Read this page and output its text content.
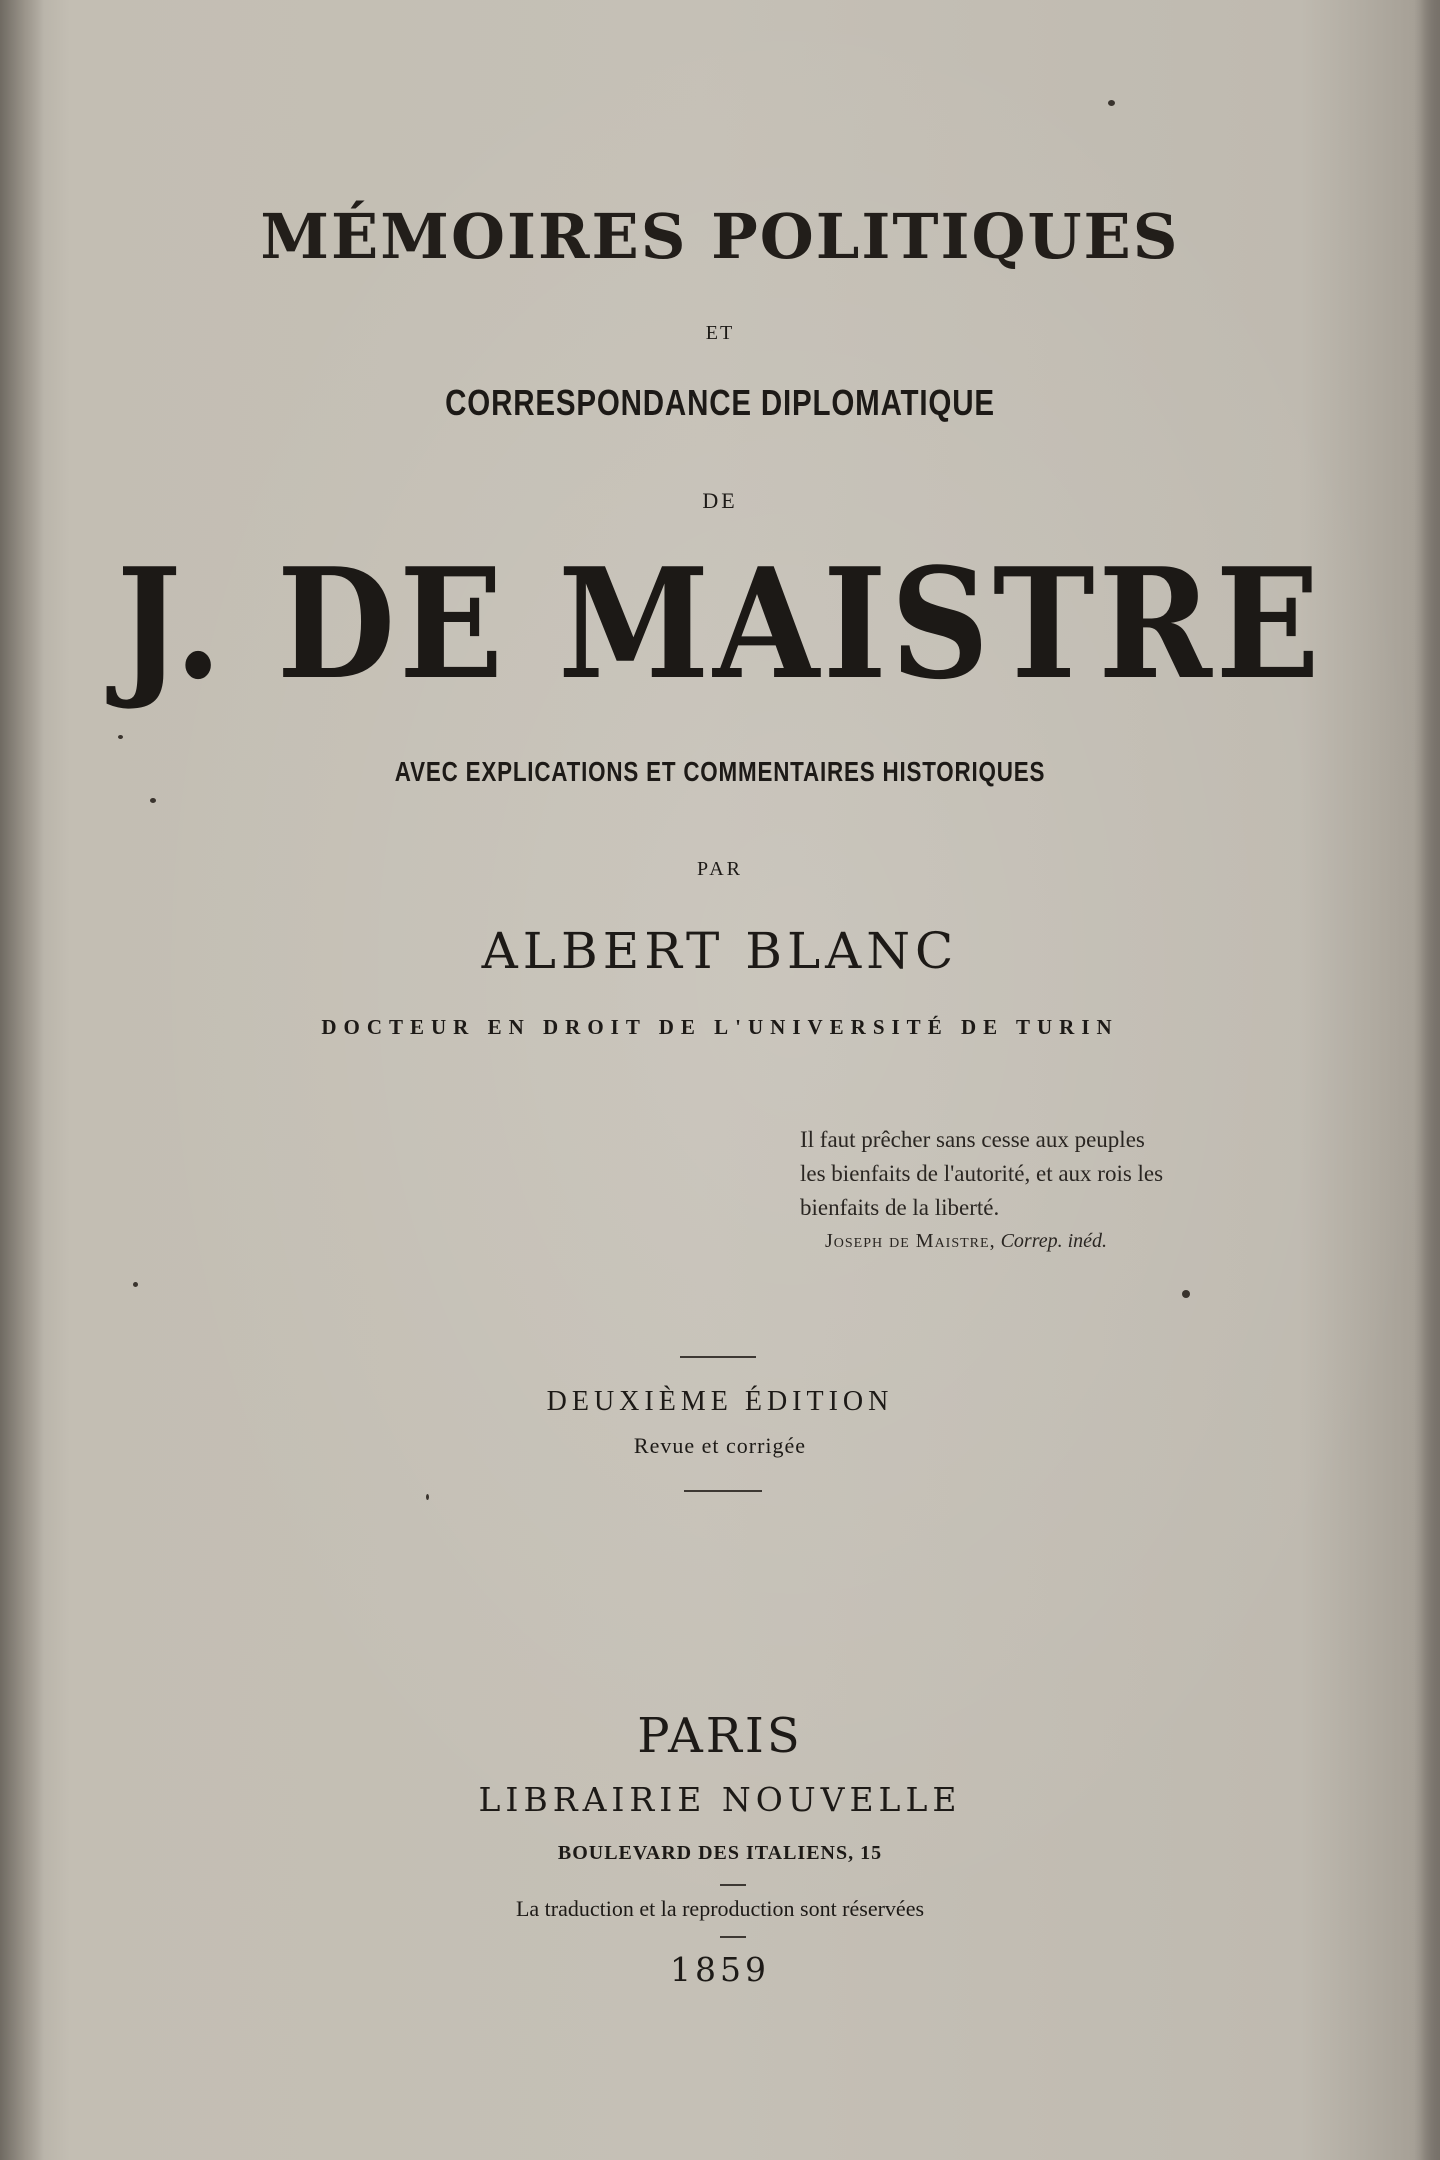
MÉMOIRES POLITIQUES
ET
CORRESPONDANCE DIPLOMATIQUE
DE
J. DE MAISTRE
AVEC EXPLICATIONS ET COMMENTAIRES HISTORIQUES
PAR
ALBERT BLANC
DOCTEUR EN DROIT DE L'UNIVERSITÉ DE TURIN
Il faut prêcher sans cesse aux peuples
les bienfaits de l'autorité, et aux rois les
bienfaits de la liberté.
Joseph de Maistre, Correp. inéd.
DEUXIÈME ÉDITION
Revue et corrigée
PARIS
LIBRAIRIE NOUVELLE
BOULEVARD DES ITALIENS, 15
La traduction et la reproduction sont réservées
1859
